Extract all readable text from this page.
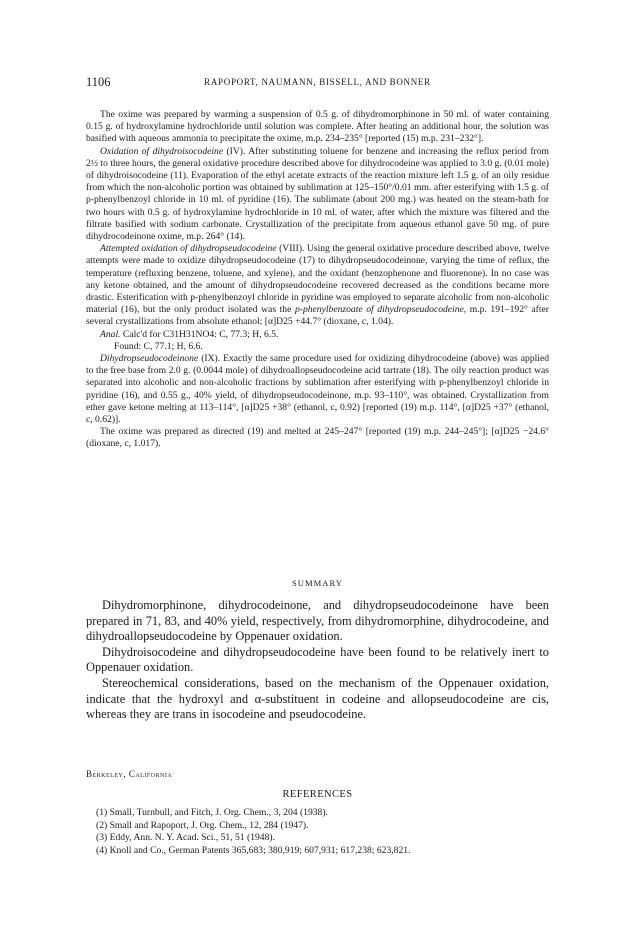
1106	RAPOPORT, NAUMANN, BISSELL, AND BONNER

The oxime was prepared by warming a suspension of 0.5 g. of dihydromorphinone in 50 ml. of water containing 0.15 g. of hydroxylamine hydrochloride until solution was complete. After heating an additional hour, the solution was basified with aqueous ammonia to precipitate the oxime, m.p. 234–235° [reported (15) m.p. 231–232°].

Oxidation of dihydroisocodeine (IV). After substituting toluene for benzene and increasing the reflux period from 2½ to three hours, the general oxidative procedure described above for dihydrocodeine was applied to 3.0 g. (0.01 mole) of dihydroisocodeine (11). Evaporation of the ethyl acetate extracts of the reaction mixture left 1.5 g. of an oily residue from which the non-alcoholic portion was obtained by sublimation at 125–150°/0.01 mm. after esterifying with 1.5 g. of p-phenylbenzoyl chloride in 10 ml. of pyridine (16). The sublimate (about 200 mg.) was heated on the steam-bath for two hours with 0.5 g. of hydroxylamine hydrochloride in 10 ml. of water, after which the mixture was filtered and the filtrate basified with sodium carbonate. Crystallization of the precipitate from aqueous ethanol gave 50 mg. of pure dihydrocodeinone oxime, m.p. 264° (14).

Attempted oxidation of dihydropseudocodeine (VIII). Using the general oxidative procedure described above, twelve attempts were made to oxidize dihydropseudocodeine (17) to dihydropseudocodeinone, varying the time of reflux, the temperature (refluxing benzene, toluene, and xylene), and the oxidant (benzophenone and fluorenone). In no case was any ketone obtained, and the amount of dihydropseudocodeine recovered decreased as the conditions became more drastic. Esterification with p-phenylbenzoyl chloride in pyridine was employed to separate alcoholic from non-alcoholic material (16), but the only product isolated was the p-phenylbenzoate of dihydropseudocodeine, m.p. 191–192° after several crystallizations from absolute ethanol; [α]D25 +44.7° (dioxane, c, 1.04).

Anal. Calc'd for C31H31NO4: C, 77.3; H, 6.5.

Found: C, 77.1; H, 6.6.

Dihydropseudocodeinone (IX). Exactly the same procedure used for oxidizing dihydrocodeine (above) was applied to the free base from 2.0 g. (0.0044 mole) of dihydroallopseudocodeine acid tartrate (18). The oily reaction product was separated into alcoholic and non-alcoholic fractions by sublimation after esterifying with p-phenylbenzoyl chloride in pyridine (16), and 0.55 g., 40% yield, of dihydropseudocodeinone, m.p. 93–110°, was obtained. Crystallization from ether gave ketone melting at 113–114°, [α]D25 +38° (ethanol, c, 0.92) [reported (19) m.p. 114°, [α]D25 +37° (ethanol, c, 0.62)].

The oxime was prepared as directed (19) and melted at 245–247° [reported (19) m.p. 244–245°]; [α]D25 −24.6° (dioxane, c, 1.017).

SUMMARY

Dihydromorphinone, dihydrocodeinone, and dihydropseudocodeinone have been prepared in 71, 83, and 40% yield, respectively, from dihydromorphine, dihydrocodeine, and dihydroallopseudocodeine by Oppenauer oxidation.

Dihydroisocodeine and dihydropseudocodeine have been found to be relatively inert to Oppenauer oxidation.

Stereochemical considerations, based on the mechanism of the Oppenauer oxidation, indicate that the hydroxyl and α-substituent in codeine and allopseudocodeine are cis, whereas they are trans in isocodeine and pseudocodeine.

Berkeley, California
REFERENCES
(1) Small, Turnbull, and Fitch, J. Org. Chem., 3, 204 (1938).
(2) Small and Rapoport, J. Org. Chem., 12, 284 (1947).
(3) Eddy, Ann. N. Y. Acad. Sci., 51, 51 (1948).
(4) Knoll and Co., German Patents 365,683; 380,919; 607,931; 617,238; 623,821.
